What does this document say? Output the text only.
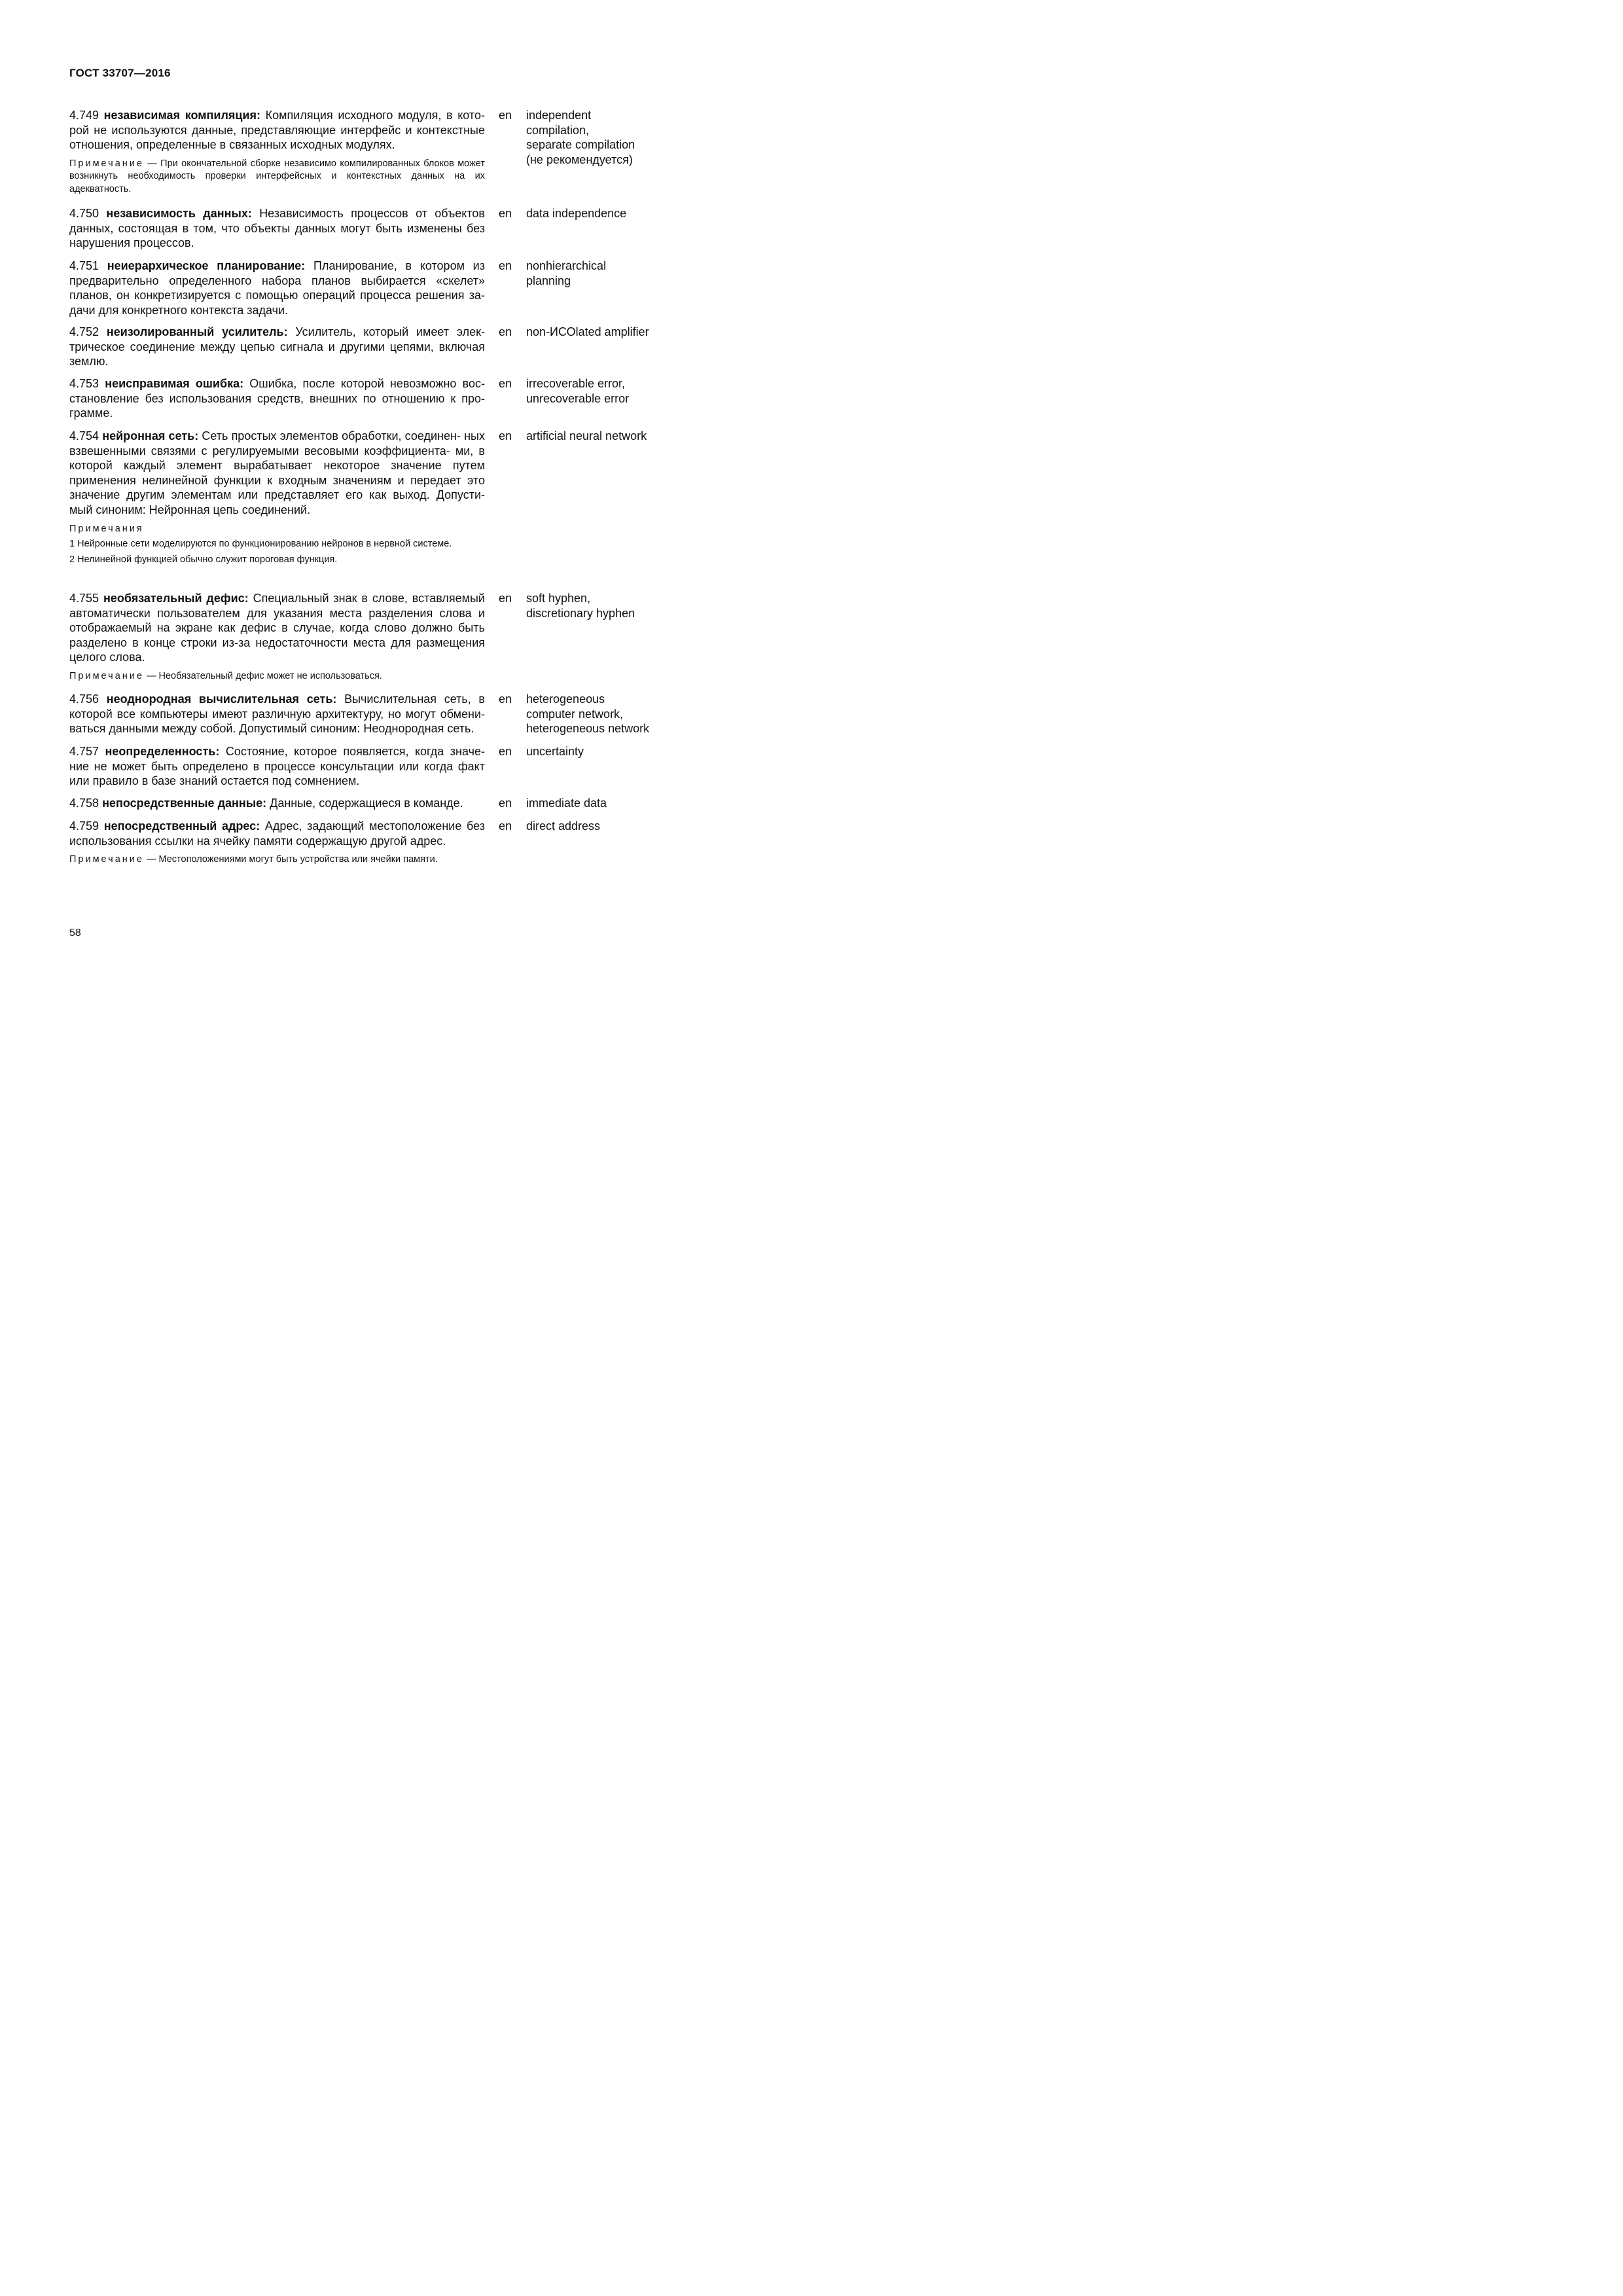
ГОСТ 33707—2016
4.749 независимая компиляция: Компиляция исходного модуля, в кото- рой не используются данные, представляющие интерфейс и контекстные отношения, определенные в связанных исходных модулях.
Примечание — При окончательной сборке независимо компилированных блоков может возникнуть необходимость проверки интерфейсных и контекстных данных на их адекватность.
en independent
compilation,
separate compilation
(не рекомендуется)
4.750 независимость данных: Независимость процессов от объектов данных, состоящая в том, что объекты данных могут быть изменены без нарушения процессов.
en data independence
4.751 неиерархическое планирование: Планирование, в котором из предварительно определенного набора планов выбирается «скелет» планов, он конкретизируется с помощью операций процесса решения за- дачи для конкретного контекста задачи.
en nonhierarchical
planning
4.752 неизолированный усилитель: Усилитель, который имеет элек- трическое соединение между цепью сигнала и другими цепями, включая землю.
en non-ИСОlated amplifier
4.753 неисправимая ошибка: Ошибка, после которой невозможно вос- становление без использования средств, внешних по отношению к про- грамме.
en irrecoverable error,
unrecoverable error
4.754 нейронная сеть: Сеть простых элементов обработки, соединен- ных взвешенными связями с регулируемыми весовыми коэффициента- ми, в которой каждый элемент вырабатывает некоторое значение путем применения нелинейной функции к входным значениям и передает это значение другим элементам или представляет его как выход. Допусти- мый синоним: Нейронная цепь соединений.
Примечания
1 Нейронные сети моделируются по функционированию нейронов в нервной системе.
2 Нелинейной функцией обычно служит пороговая функция.
en artificial neural network
4.755 необязательный дефис: Специальный знак в слове, вставляемый автоматически пользователем для указания места разделения слова и отображаемый на экране как дефис в случае, когда слово должно быть разделено в конце строки из-за недостаточности места для размещения целого слова.
Примечание — Необязательный дефис может не использоваться.
en soft hyphen,
discretionary hyphen
4.756 неоднородная вычислительная сеть: Вычислительная сеть, в которой все компьютеры имеют различную архитектуру, но могут обмени- ваться данными между собой. Допустимый синоним: Неоднородная сеть.
en heterogeneous
computer network,
heterogeneous network
4.757 неопределенность: Состояние, которое появляется, когда значе- ние не может быть определено в процессе консультации или когда факт или правило в базе знаний остается под сомнением.
en uncertainty
4.758 непосредственные данные: Данные, содержащиеся в команде.	en immediate data
4.759 непосредственный адрес: Адрес, задающий местоположение без использования ссылки на ячейку памяти содержащую другой адрес.
Примечание — Местоположениями могут быть устройства или ячейки памяти.
en direct address
58
